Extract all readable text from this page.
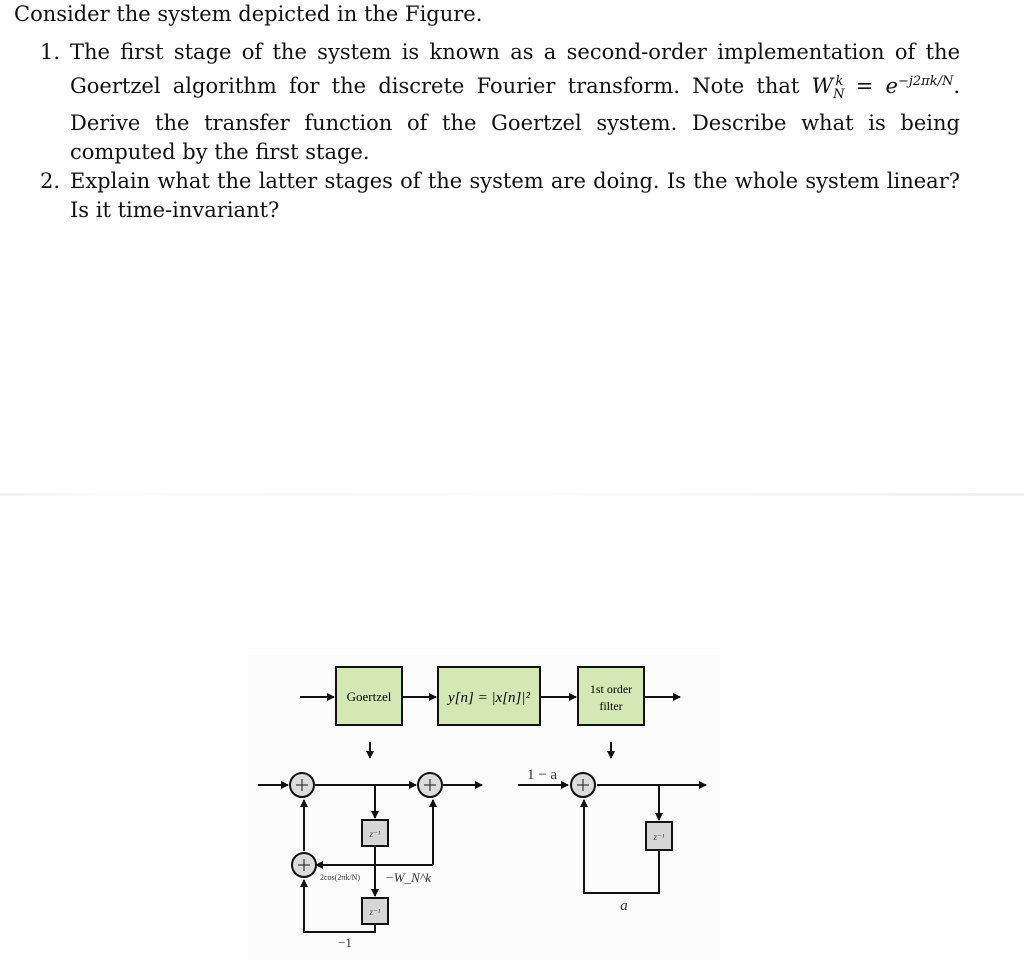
Consider the system depicted in the Figure.
1. The first stage of the system is known as a second-order implementation of the Goertzel algorithm for the discrete Fourier transform. Note that $W_N^k = e^{-j2\pi k/N}$. Derive the transfer function of the Goertzel system. Describe what is being computed by the first stage.
2. Explain what the latter stages of the system are doing. Is the whole system linear? Is it time-invariant?
Goertzel	y[n] = |x[n]|²
1st order
filter
z⁻¹
z⁻¹
z⁻¹
2cos(2πk/N) −W_N^k
−1
1 − a
a
